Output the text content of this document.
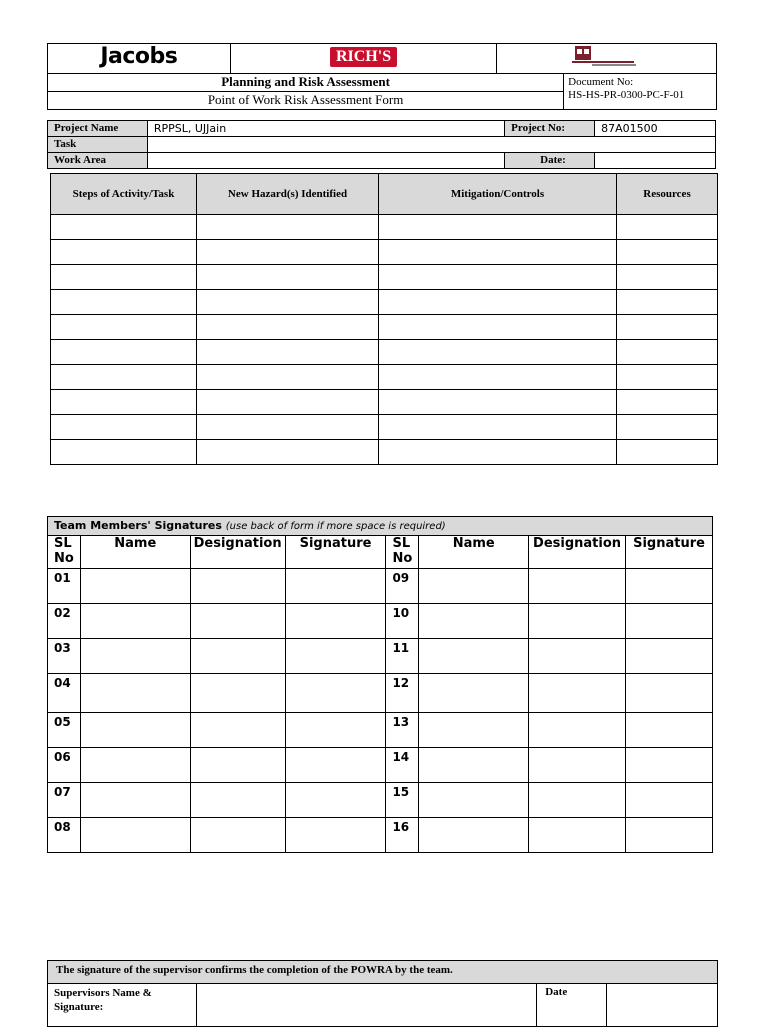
Jacobs	RICH'S	
Planning and Risk Assessment			Document No:
HS-HS-PR-0300-PC-F-01

Point of Work Risk Assessment Form			
Project Name	RPPSL, UJJain	Project No:	87A01500
Task			
Work Area		Date:	
Steps of Activity/Task	New Hazard(s) Identified	Mitigation/Controls	Resources

Team Members' Signatures (use back of form if more space is required)							
SL No	Name	Designation	Signature	SL No	Name	Designation	Signature
01				09			
02				10			
03				11			
04				12			
05				13			
06				14			
07				15			
08				16			
The signature of the supervisor confirms the completion of the POWRA by the team.
Supervisors Name & Signature:		Date	
